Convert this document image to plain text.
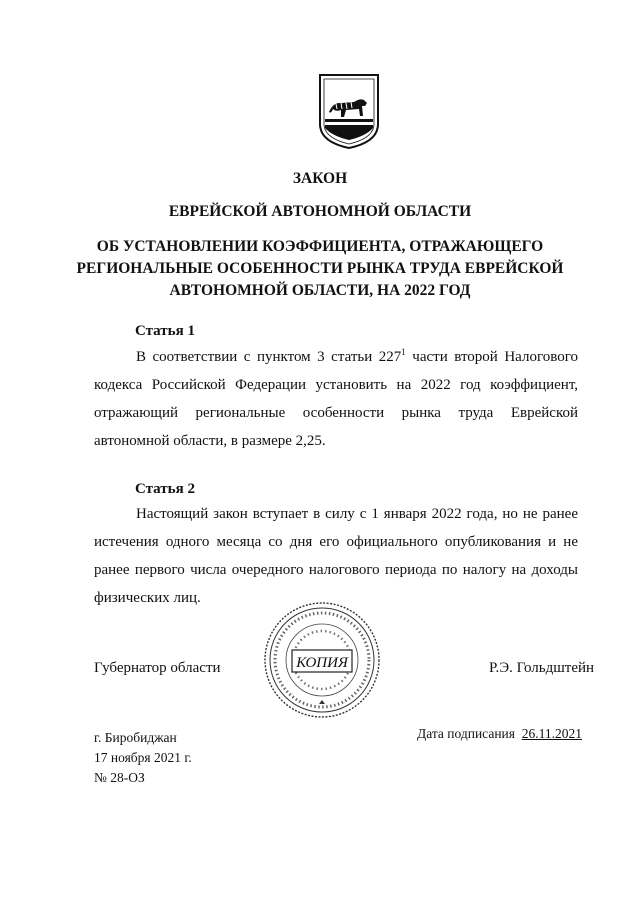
ЗАКОН
ЕВРЕЙСКОЙ АВТОНОМНОЙ ОБЛАСТИ
ОБ УСТАНОВЛЕНИИ КОЭФФИЦИЕНТА, ОТРАЖАЮЩЕГО
РЕГИОНАЛЬНЫЕ ОСОБЕННОСТИ РЫНКА ТРУДА ЕВРЕЙСКОЙ
АВТОНОМНОЙ ОБЛАСТИ, НА 2022 ГОД
Статья 1
В соответствии с пунктом 3 статьи $227^1$ части второй Налогового кодекса Российской Федерации установить на 2022 год коэффициент, отражающий региональные особенности рынка труда Еврейской автономной области, в размере 2,25.
Статья 2
Настоящий закон вступает в силу с 1 января 2022 года, но не ранее истечения одного месяца со дня его официального опубликования и не ранее первого числа очередного налогового периода по налогу на доходы физических лиц.
Губернатор области	Р.Э. Гольдштейн
КОПИЯ
г. Биробиджан
17 ноября 2021 г.
№ 28-ОЗ
Дата подписания 26.11.2021
